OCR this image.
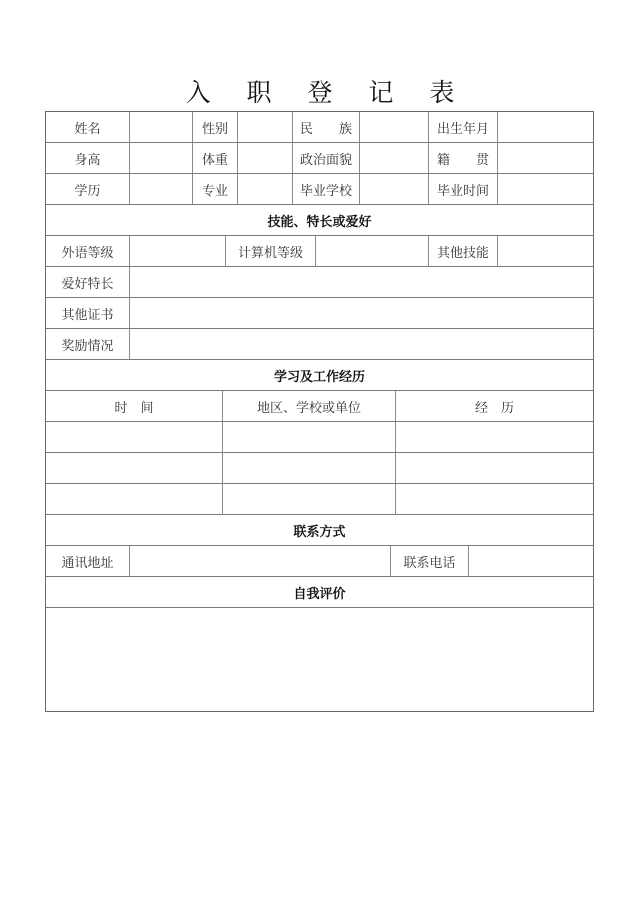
入 职 登 记 表
姓名	性别	民　　族	出生年月
身高	体重	政治面貌	籍　　贯
学历	专业	毕业学校	毕业时间
技能、特长或爱好
外语等级	计算机等级	其他技能
爱好特长
其他证书
奖励情况
学习及工作经历
时　间	地区、学校或单位	经　历
联系方式
通讯地址	联系电话
自我评价
